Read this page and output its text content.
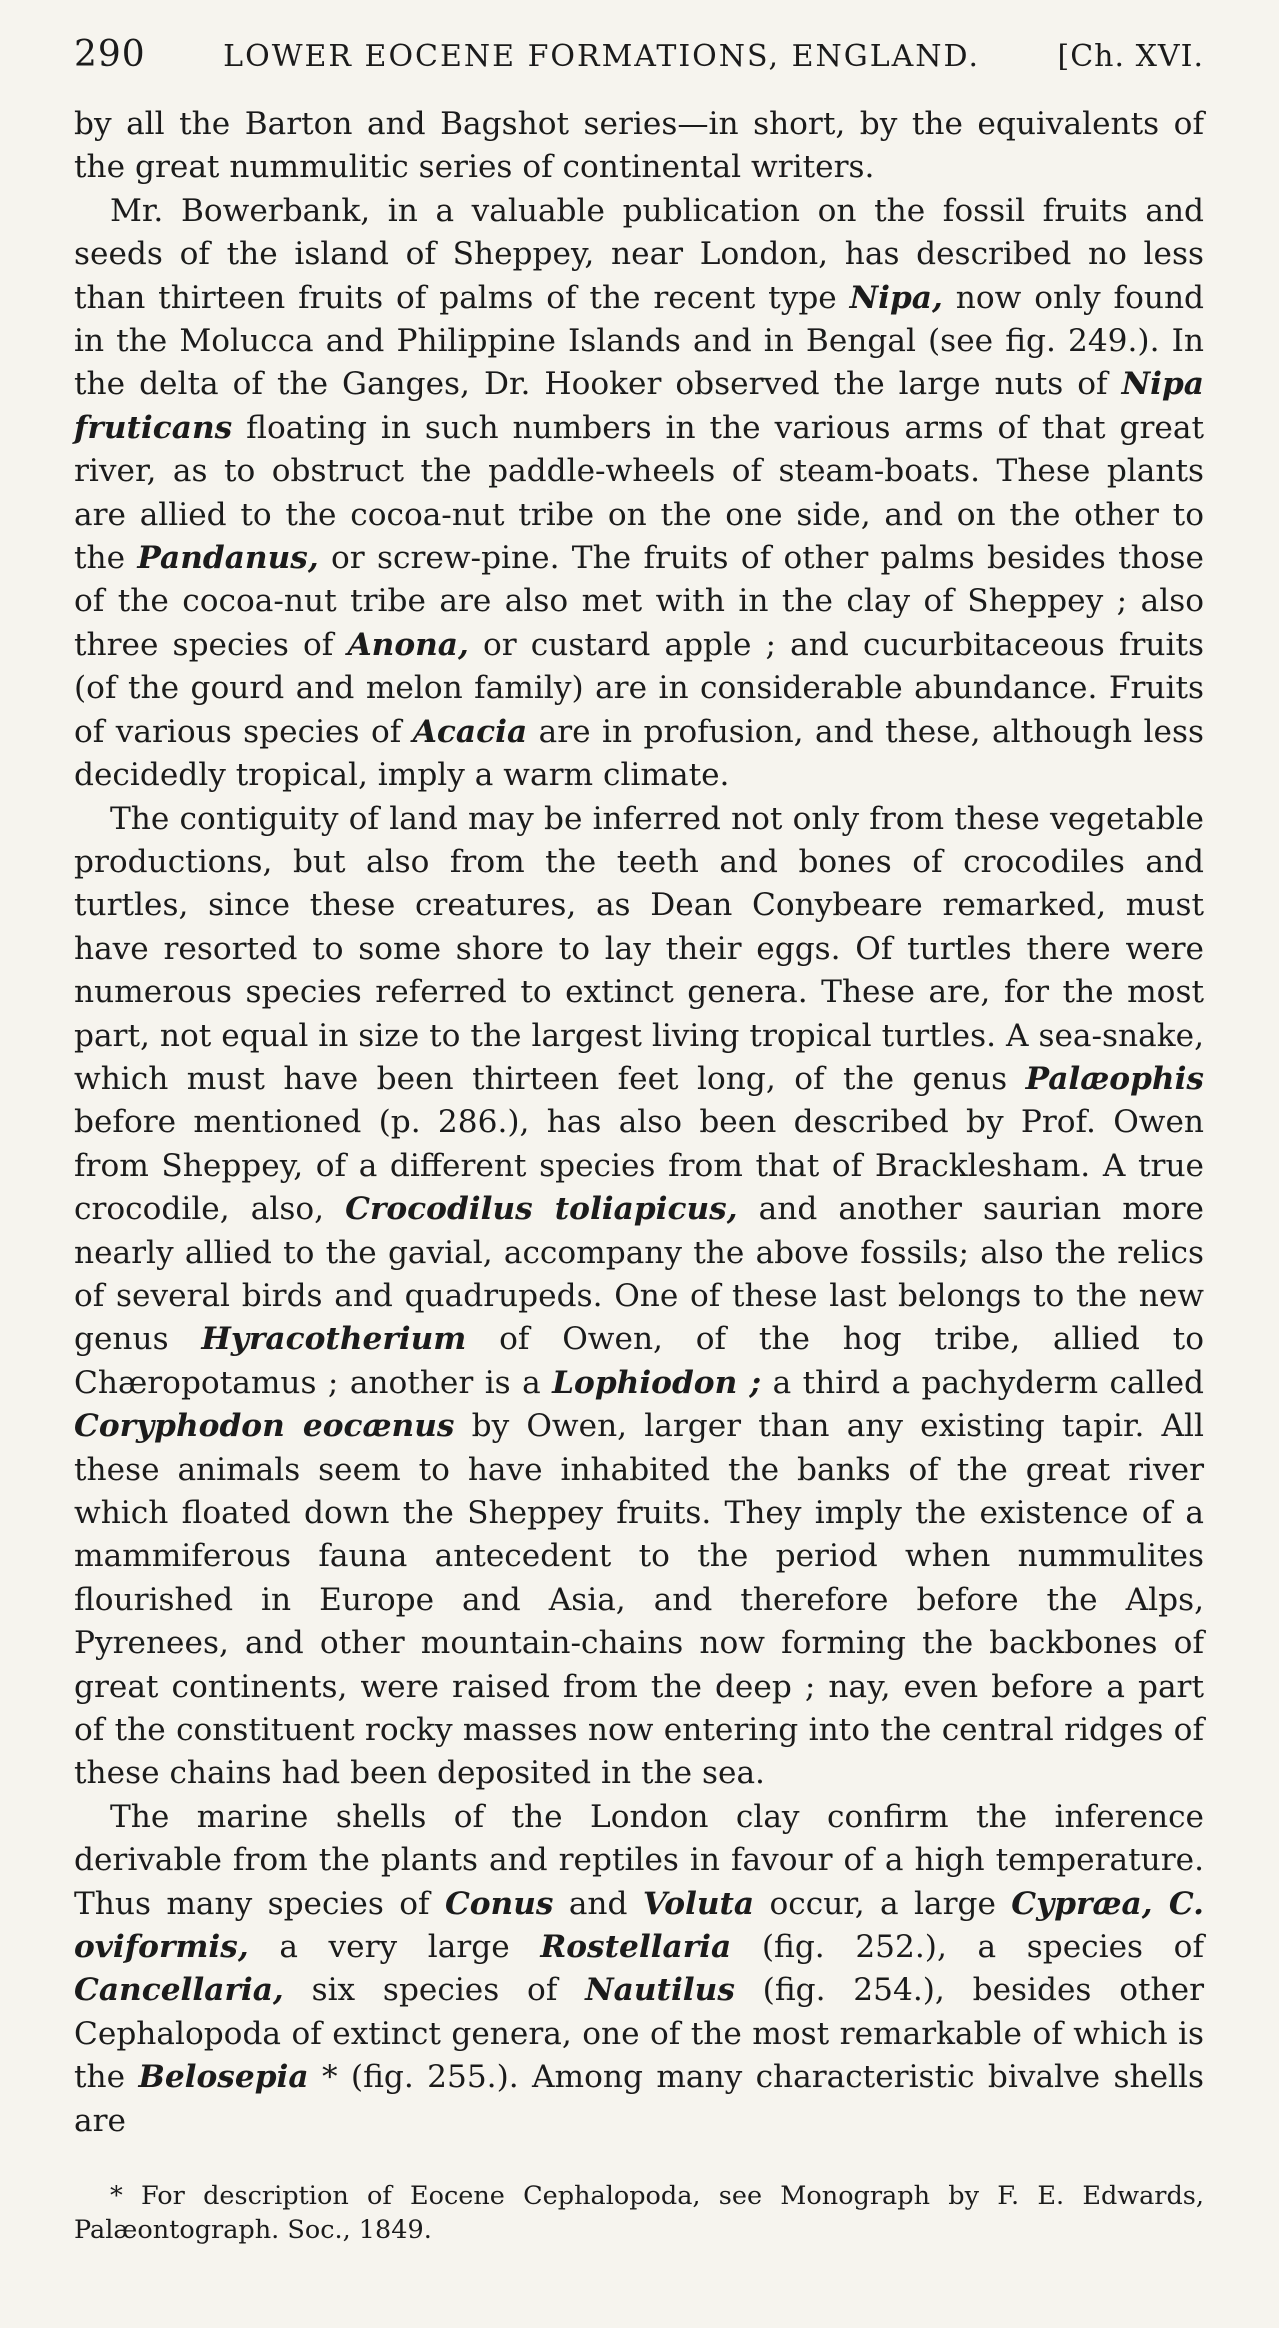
290	LOWER EOCENE FORMATIONS, ENGLAND.	[Ch. XVI.

by all the Barton and Bagshot series—in short, by the equivalents of the great nummulitic series of continental writers.

Mr. Bowerbank, in a valuable publication on the fossil fruits and seeds of the island of Sheppey, near London, has described no less than thirteen fruits of palms of the recent type Nipa, now only found in the Molucca and Philippine Islands and in Bengal (see fig. 249.). In the delta of the Ganges, Dr. Hooker observed the large nuts of Nipa fruticans floating in such numbers in the various arms of that great river, as to obstruct the paddle-wheels of steam-boats. These plants are allied to the cocoa-nut tribe on the one side, and on the other to the Pandanus, or screw-pine. The fruits of other palms besides those of the cocoa-nut tribe are also met with in the clay of Sheppey ; also three species of Anona, or custard apple ; and cucurbitaceous fruits (of the gourd and melon family) are in considerable abundance. Fruits of various species of Acacia are in profusion, and these, although less decidedly tropical, imply a warm climate.

The contiguity of land may be inferred not only from these vegetable productions, but also from the teeth and bones of crocodiles and turtles, since these creatures, as Dean Conybeare remarked, must have resorted to some shore to lay their eggs. Of turtles there were numerous species referred to extinct genera. These are, for the most part, not equal in size to the largest living tropical turtles. A sea-snake, which must have been thirteen feet long, of the genus Palæophis before mentioned (p. 286.), has also been described by Prof. Owen from Sheppey, of a different species from that of Bracklesham. A true crocodile, also, Crocodilus toliapicus, and another saurian more nearly allied to the gavial, accompany the above fossils; also the relics of several birds and quadrupeds. One of these last belongs to the new genus Hyracotherium of Owen, of the hog tribe, allied to Chæropotamus ; another is a Lophiodon ; a third a pachyderm called Coryphodon eocænus by Owen, larger than any existing tapir. All these animals seem to have inhabited the banks of the great river which floated down the Sheppey fruits. They imply the existence of a mammiferous fauna antecedent to the period when nummulites flourished in Europe and Asia, and therefore before the Alps, Pyrenees, and other mountain-chains now forming the backbones of great continents, were raised from the deep ; nay, even before a part of the constituent rocky masses now entering into the central ridges of these chains had been deposited in the sea.

The marine shells of the London clay confirm the inference derivable from the plants and reptiles in favour of a high temperature. Thus many species of Conus and Voluta occur, a large Cypræa, C. oviformis, a very large Rostellaria (fig. 252.), a species of Cancellaria, six species of Nautilus (fig. 254.), besides other Cephalopoda of extinct genera, one of the most remarkable of which is the Belosepia * (fig. 255.). Among many characteristic bivalve shells are

* For description of Eocene Cephalopoda, see Monograph by F. E. Edwards, Palæontograph. Soc., 1849.
